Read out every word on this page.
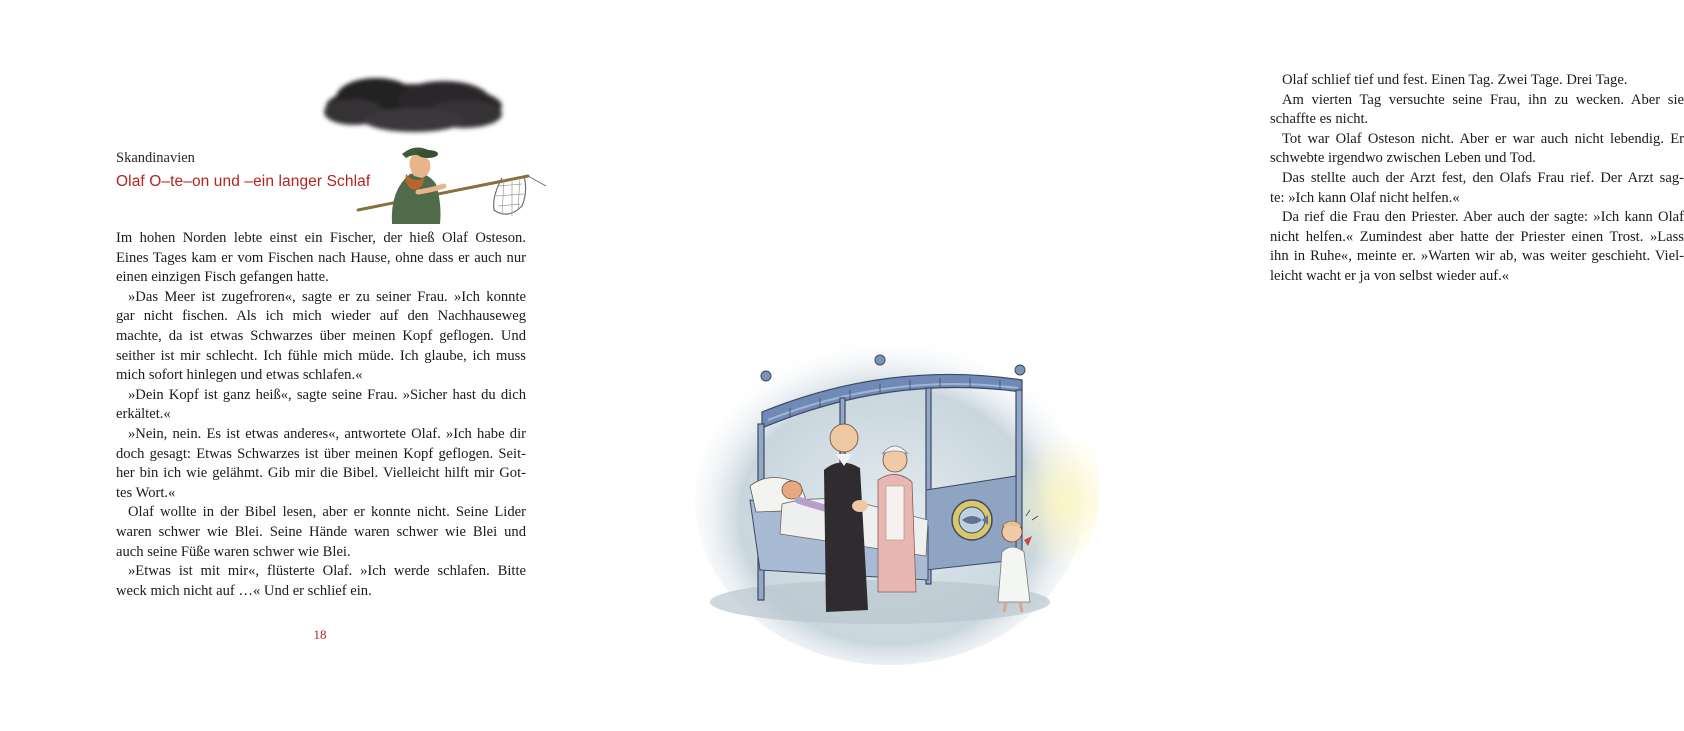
Skandinavien
Olaf O–te–on und –ein langer Schlaf
Im hohen Norden lebte einst ein Fischer, der hieß Olaf Osteson.
Eines Tages kam er vom Fischen nach Hause, ohne dass er auch nur
einen einzigen Fisch gefangen hatte.
»Das Meer ist zugefroren«, sagte er zu seiner Frau. »Ich konnte
gar nicht fischen. Als ich mich wieder auf den Nachhauseweg
machte, da ist etwas Schwarzes über meinen Kopf geflogen. Und
seither ist mir schlecht. Ich fühle mich müde. Ich glaube, ich muss
mich sofort hinlegen und etwas schlafen.«
»Dein Kopf ist ganz heiß«, sagte seine Frau. »Sicher hast du dich
erkältet.«
»Nein, nein. Es ist etwas anderes«, antwortete Olaf. »Ich habe dir
doch gesagt: Etwas Schwarzes ist über meinen Kopf geflogen. Seit-
her bin ich wie gelähmt. Gib mir die Bibel. Vielleicht hilft mir Got-
tes Wort.«
Olaf wollte in der Bibel lesen, aber er konnte nicht. Seine Lider
waren schwer wie Blei. Seine Hände waren schwer wie Blei und
auch seine Füße waren schwer wie Blei.
»Etwas ist mit mir«, flüsterte Olaf. »Ich werde schlafen. Bitte
weck mich nicht auf …« Und er schlief ein.
18
Olaf schlief tief und fest. Einen Tag. Zwei Tage. Drei Tage.
Am vierten Tag versuchte seine Frau, ihn zu wecken. Aber sie
schaffte es nicht.
Tot war Olaf Osteson nicht. Aber er war auch nicht lebendig. Er
schwebte irgendwo zwischen Leben und Tod.
Das stellte auch der Arzt fest, den Olafs Frau rief. Der Arzt sag-
te: »Ich kann Olaf nicht helfen.«
Da rief die Frau den Priester. Aber auch der sagte: »Ich kann Olaf
nicht helfen.« Zumindest aber hatte der Priester einen Trost. »Lass
ihn in Ruhe«, meinte er. »Warten wir ab, was weiter geschieht. Viel-
leicht wacht er ja von selbst wieder auf.«
